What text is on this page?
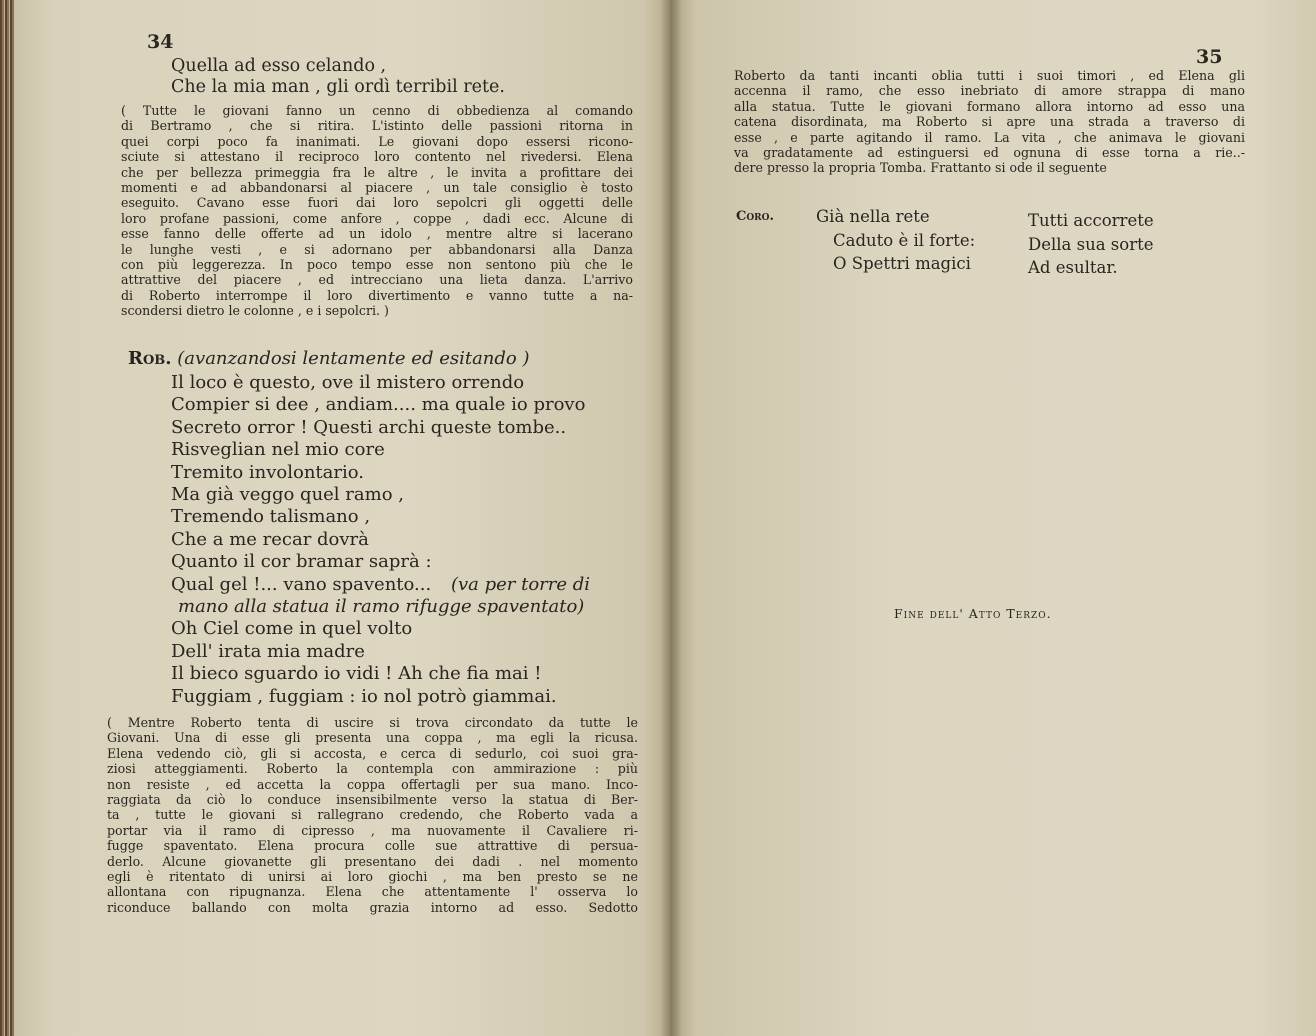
34

Quella ad esso celando ,

Che la mia man , gli ordì terribil rete.

( Tutte le giovani fanno un cenno di obbedienza al comando
di Bertramo , che si ritira. L'istinto delle passioni ritorna in
quei corpi poco fa inanimati. Le giovani dopo essersi ricono-
sciute si attestano il reciproco loro contento nel rivedersi. Elena
che per bellezza primeggia fra le altre , le invita a profittare dei
momenti e ad abbandonarsi al piacere , un tale consiglio è tosto
eseguito. Cavano esse fuori dai loro sepolcri gli oggetti delle
loro profane passioni, come anfore , coppe , dadi ecc. Alcune di
esse fanno delle offerte ad un idolo , mentre altre si lacerano
le lunghe vesti , e si adornano per abbandonarsi alla Danza
con più leggerezza. In poco tempo esse non sentono più che le
attrattive del piacere , ed intrecciano una lieta danza. L'arrivo
di Roberto interrompe il loro divertimento e vanno tutte a na-
scondersi dietro le colonne , e i sepolcri. )
Rob. (avanzandosi lentamente ed esitando )

Il loco è questo, ove il mistero orrendo

Compier si dee , andiam.... ma quale io provo

Secreto orror ! Questi archi queste tombe..

Risveglian nel mio core

Tremito involontario.

Ma già veggo quel ramo ,

Tremendo talismano ,

Che a me recar dovrà

Quanto il cor bramar saprà :

Qual gel !... vano spavento... (va per torre di

mano alla statua il ramo rifugge spaventato)

Oh Ciel come in quel volto

Dell' irata mia madre

Il bieco sguardo io vidi ! Ah che fia mai !

Fuggiam , fuggiam : io nol potrò giammai.

( Mentre Roberto tenta di uscire si trova circondato da tutte le
Giovani. Una di esse gli presenta una coppa , ma egli la ricusa.
Elena vedendo ciò, gli si accosta, e cerca di sedurlo, coi suoi gra-
ziosi atteggiamenti. Roberto la contempla con ammirazione : più
non resiste , ed accetta la coppa offertagli per sua mano. Inco-
raggiata da ciò lo conduce insensibilmente verso la statua di Ber-
ta , tutte le giovani si rallegrano credendo, che Roberto vada a
portar via il ramo di cipresso , ma nuovamente il Cavaliere ri-
fugge spaventato. Elena procura colle sue attrattive di persua-
derlo. Alcune giovanette gli presentano dei dadi . nel momento
egli è ritentato di unirsi ai loro giochi , ma ben presto se ne
allontana con ripugnanza. Elena che attentamente l' osserva lo
riconduce ballando con molta grazia intorno ad esso. Sedotto
35
Roberto da tanti incanti oblia tutti i suoi timori , ed Elena gli
accenna il ramo, che esso inebriato di amore strappa di mano
alla statua. Tutte le giovani formano allora intorno ad esso una
catena disordinata, ma Roberto si apre una strada a traverso di
esse , e parte agitando il ramo. La vita , che animava le giovani
va gradatamente ad estinguersi ed ognuna di esse torna a rie..-
dere presso la propria Tomba. Frattanto si ode il seguente
Coro.	Già nella rete
Caduto è il forte:
O Spettri magici
Tutti accorrete
Della sua sorte
Ad esultar.
Fine dell' Atto Terzo.
